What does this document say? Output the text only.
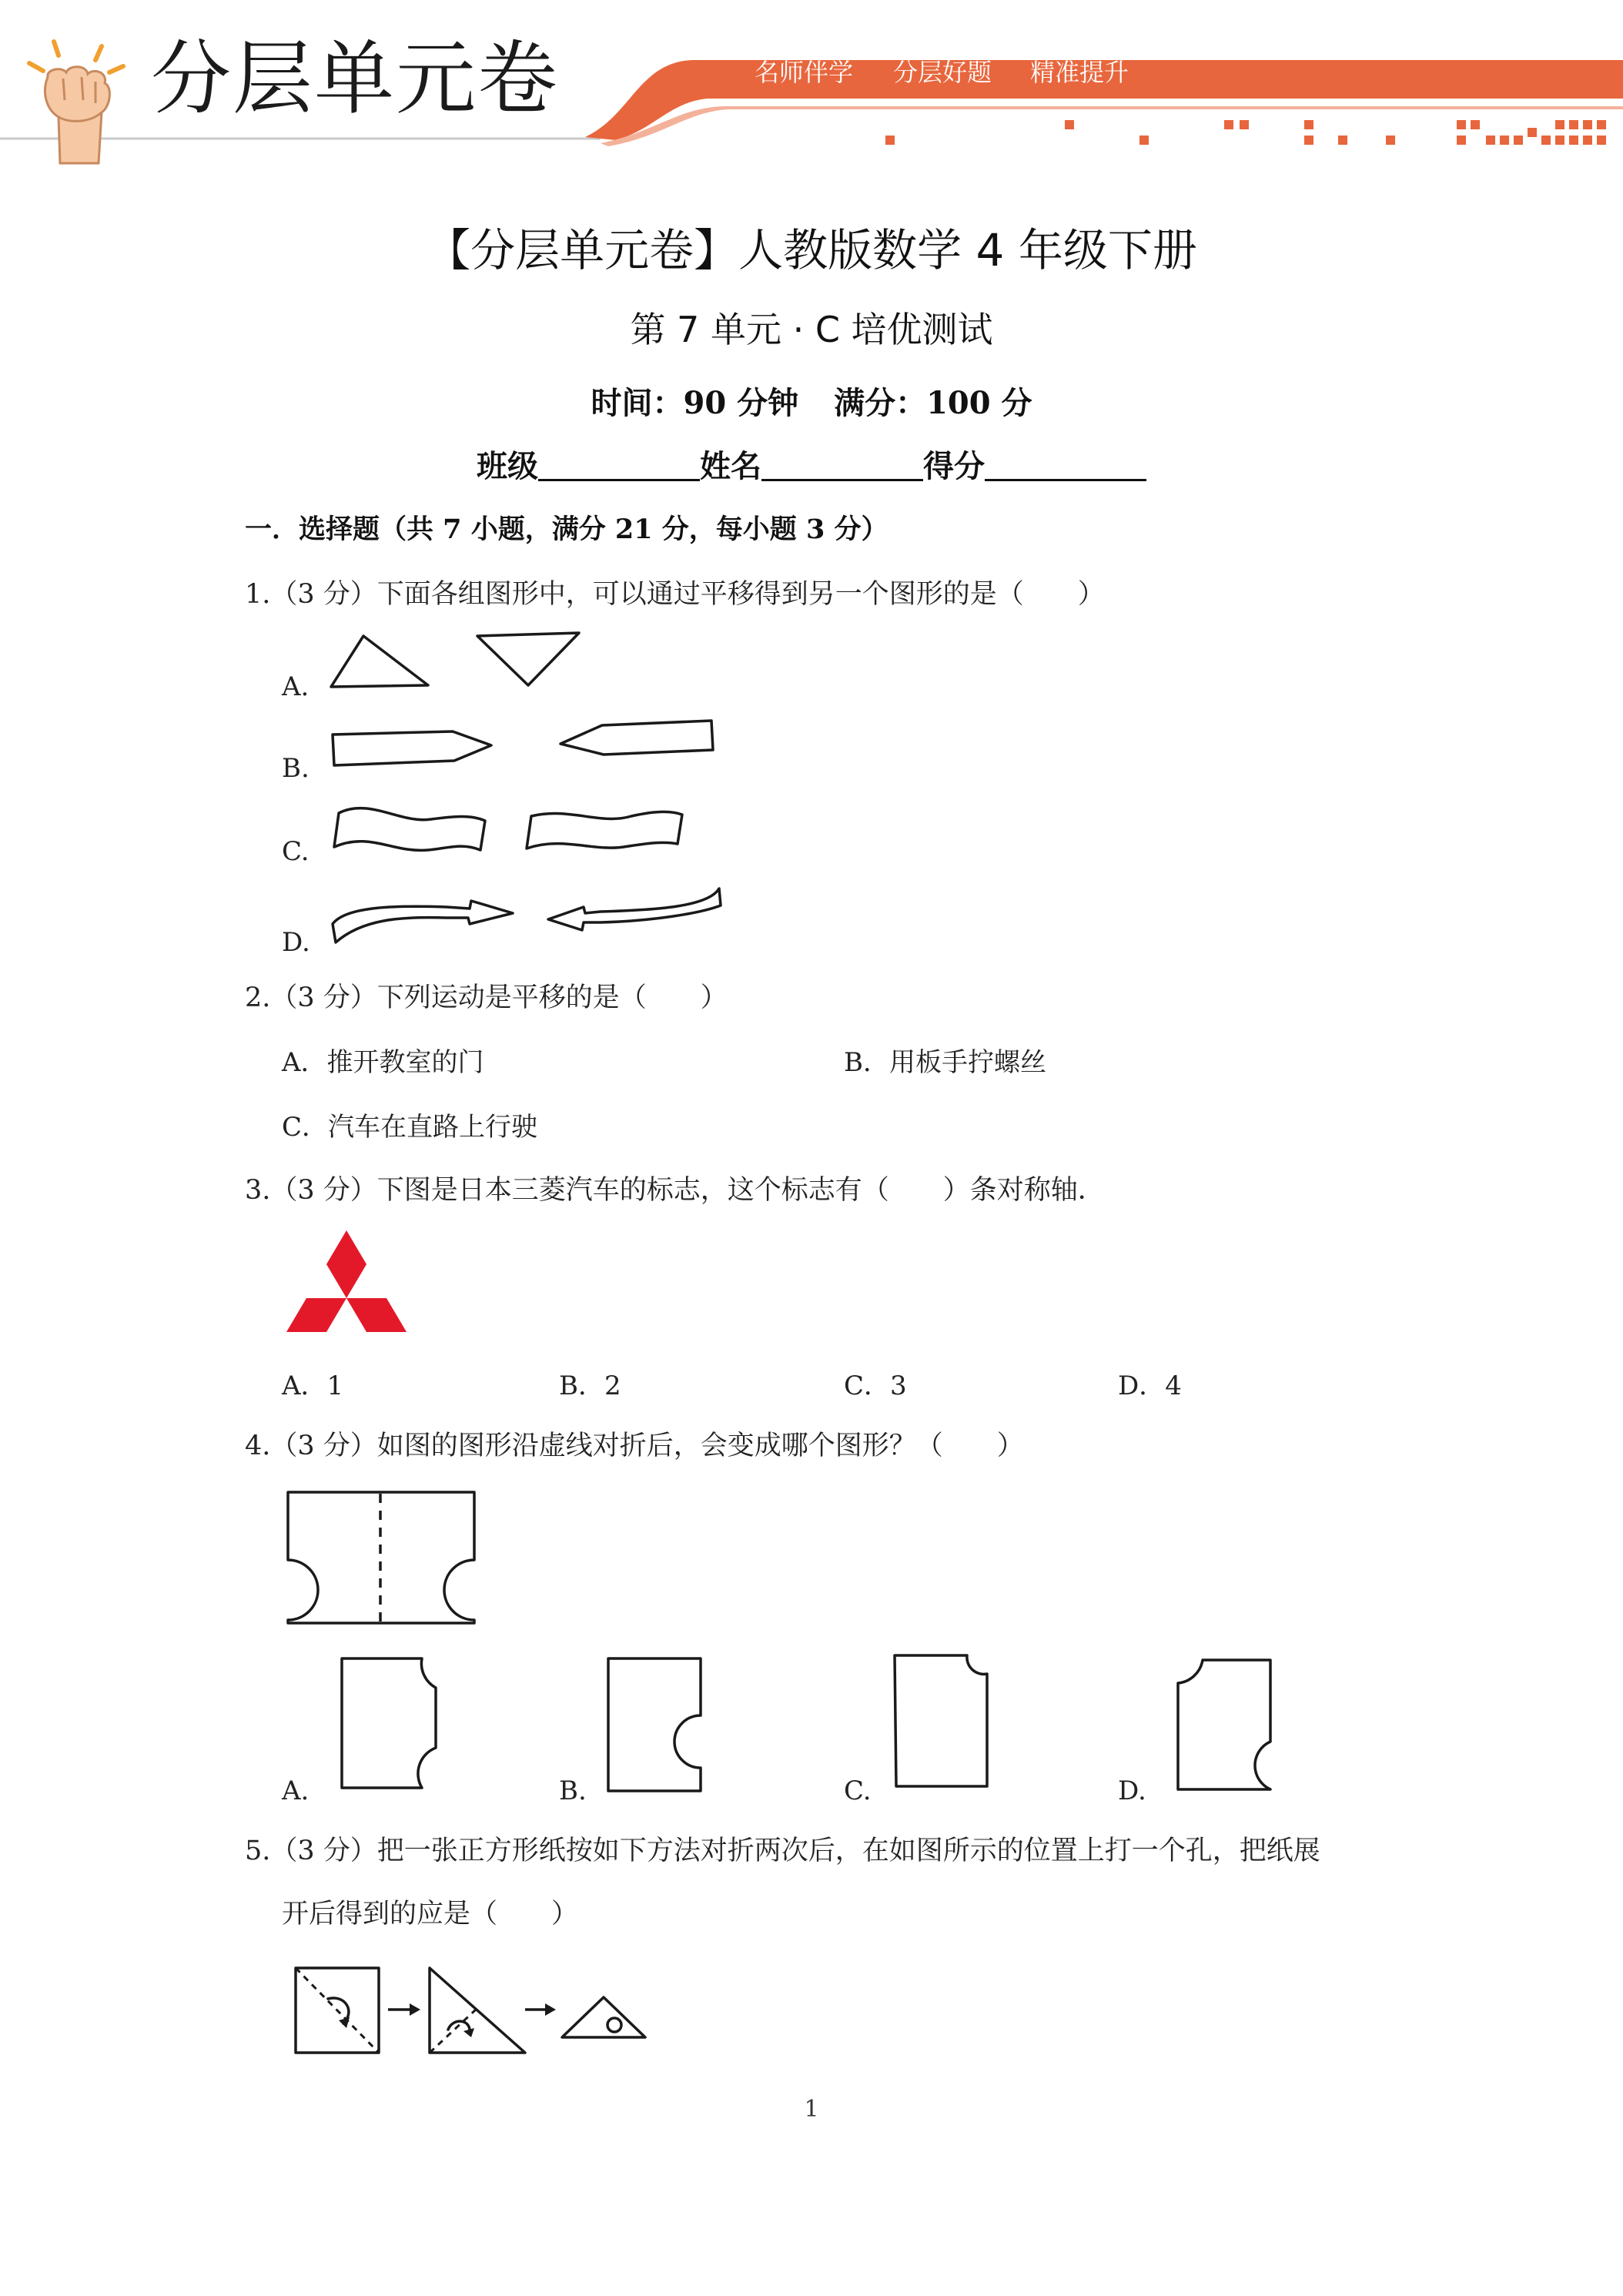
分层单元卷	名师伴学 分层好题 精准提升
【分层单元卷】人教版数学 4 年级下册
第 7 单元 · C 培优测试
时间：90 分钟 满分：100 分
班级	姓名	得分
一．选择题（共 7 小题，满分 21 分，每小题 3 分）
1.（3 分）下面各组图形中，可以通过平移得到另一个图形的是（　　）
A.
B.
C.
D.
2.（3 分）下列运动是平移的是（　　）
A．推开教室的门	B．用板手拧螺丝
C．汽车在直路上行驶
3.（3 分）下图是日本三菱汽车的标志，这个标志有（　　）条对称轴．
A．1	B．2	C．3	D．4
4.（3 分）如图的图形沿虚线对折后，会变成哪个图形？（　　）
A.	B.	C.	D.
5.（3 分）把一张正方形纸按如下方法对折两次后，在如图所示的位置上打一个孔，把纸展
开后得到的应是（　　）
1
